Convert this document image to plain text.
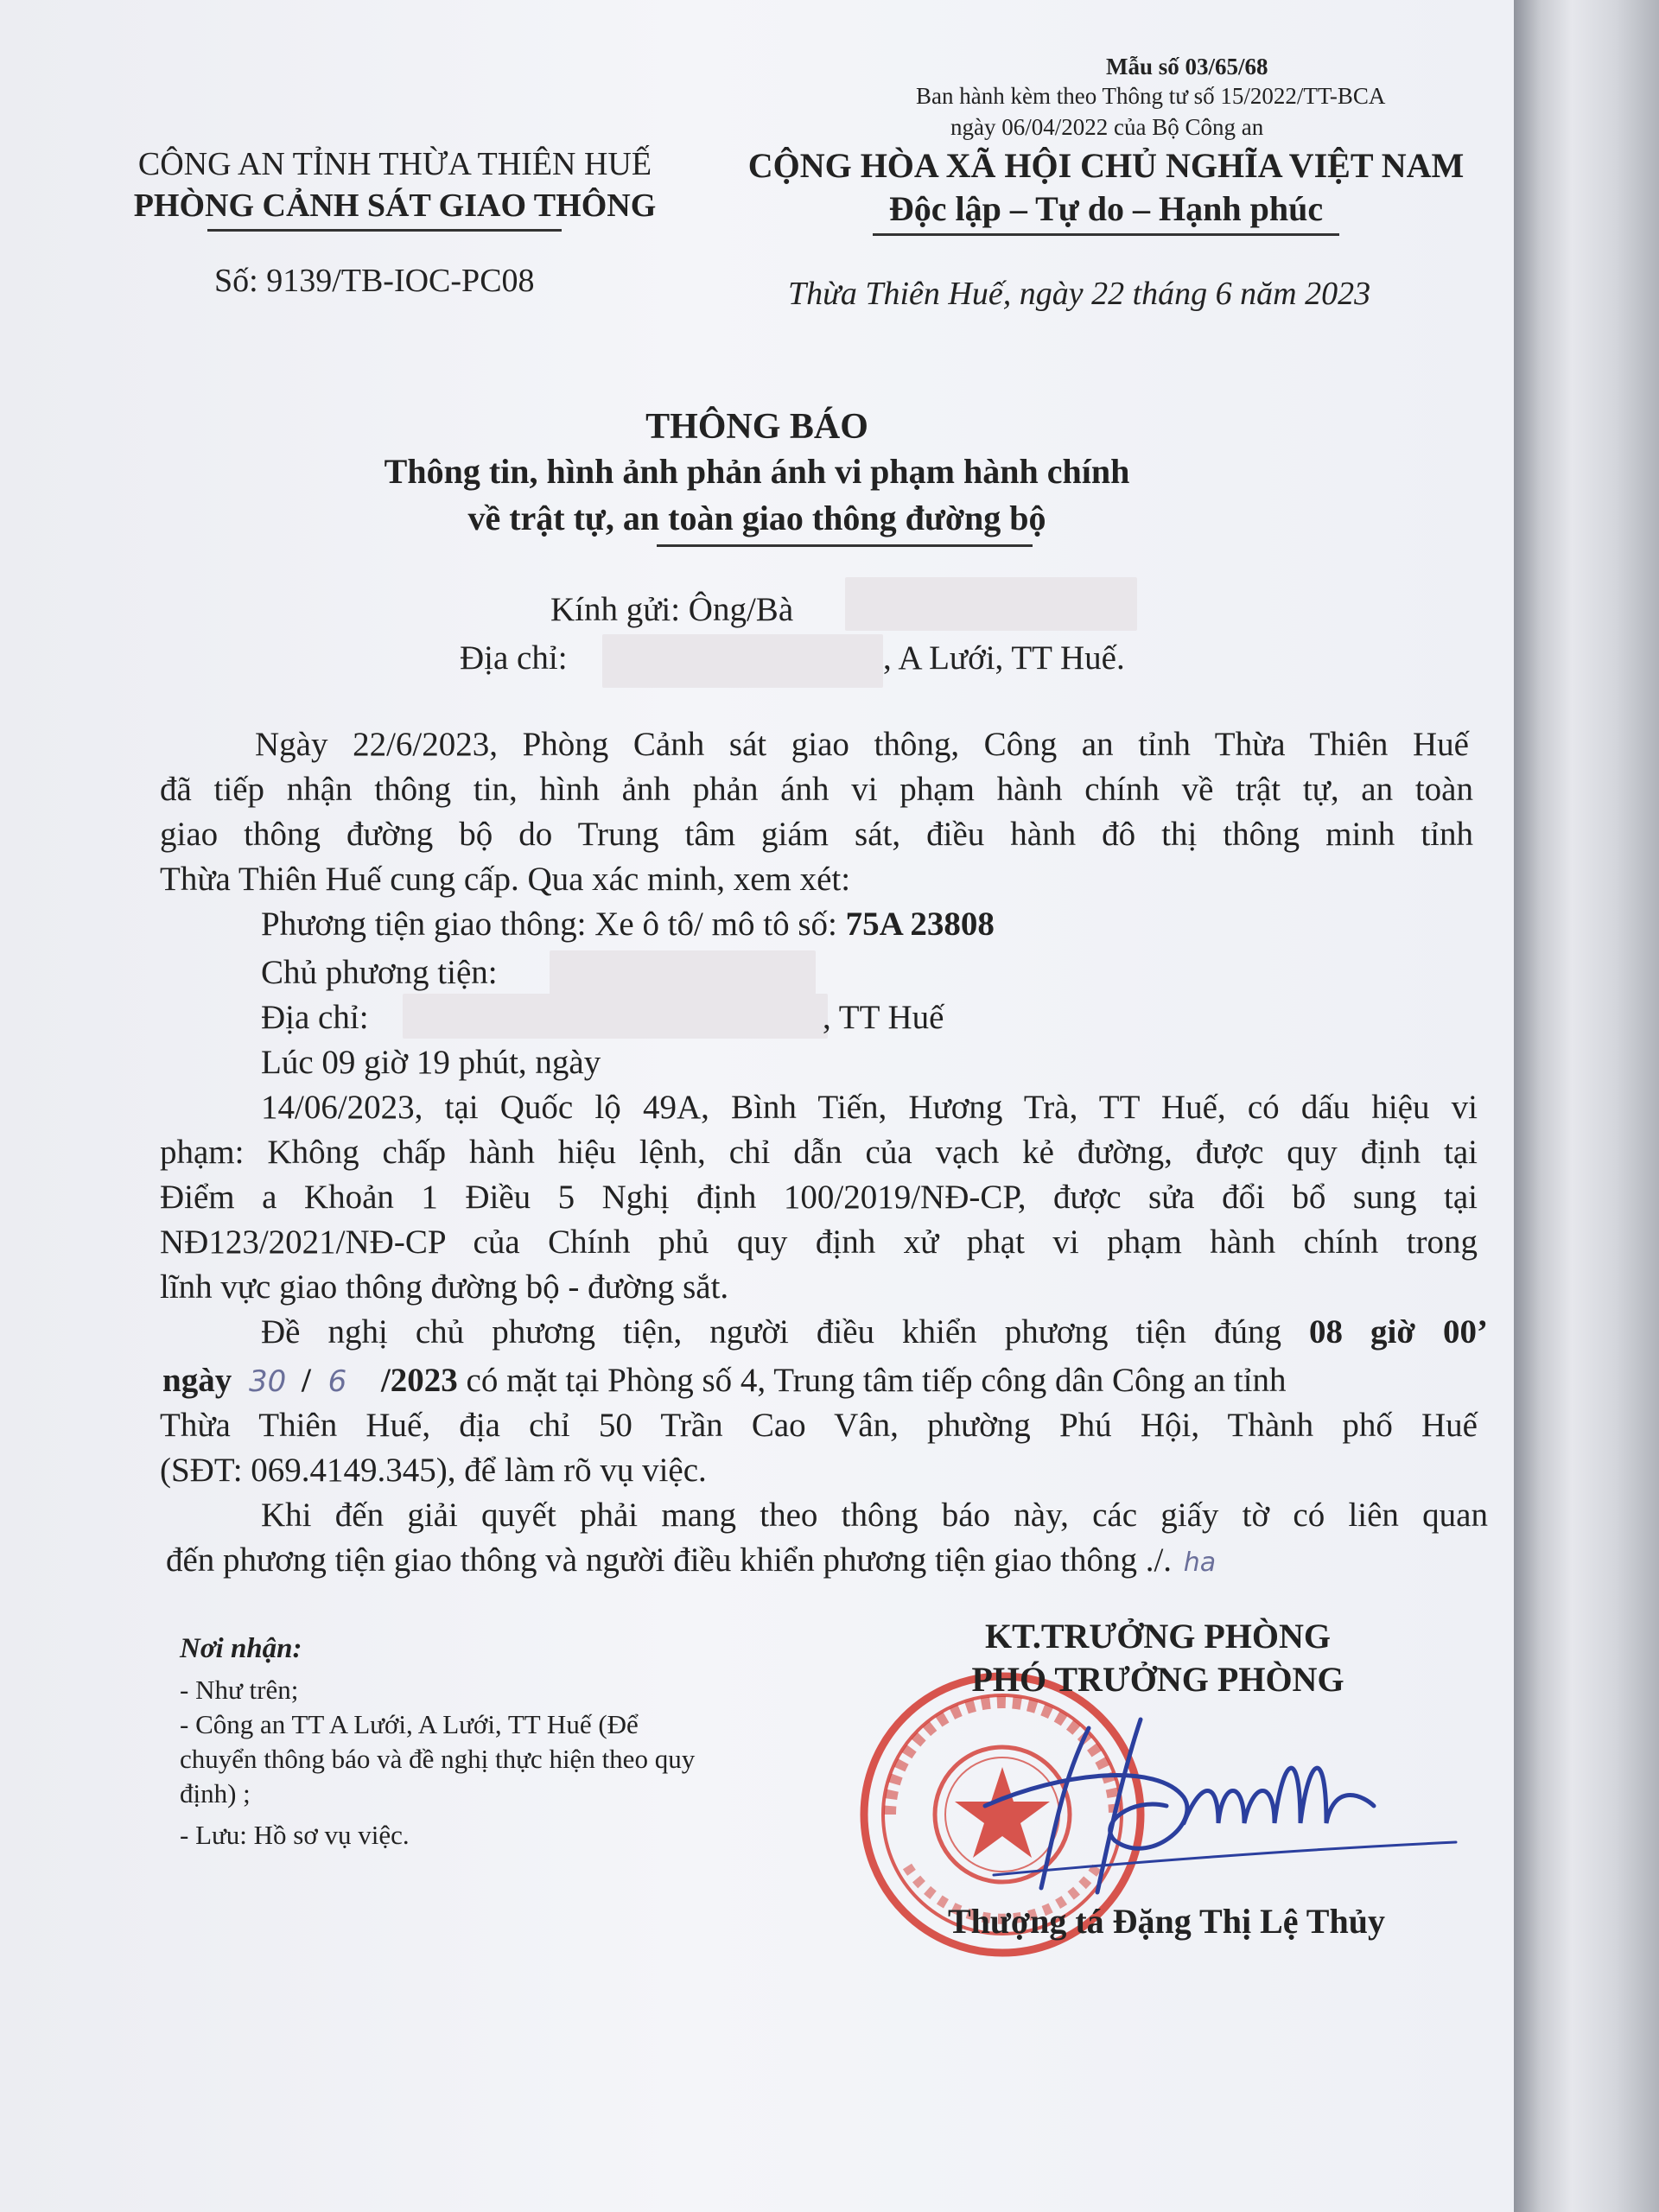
Mẫu số 03/65/68
Ban hành kèm theo Thông tư số 15/2022/TT-BCA
ngày 06/04/2022 của Bộ Công an
CÔNG AN TỈNH THỪA THIÊN HUẾ
PHÒNG CẢNH SÁT GIAO THÔNG
Số: 9139/TB-IOC-PC08
CỘNG HÒA XÃ HỘI CHỦ NGHĨA VIỆT NAM
Độc lập – Tự do – Hạnh phúc
Thừa Thiên Huế, ngày 22 tháng 6 năm 2023
THÔNG BÁO
Thông tin, hình ảnh phản ánh vi phạm hành chính
về trật tự, an toàn giao thông đường bộ
Kính gửi: Ông/Bà
Địa chỉ:	, A Lưới, TT Huế.
Ngày 22/6/2023, Phòng Cảnh sát giao thông, Công an tỉnh Thừa Thiên Huế
đã tiếp nhận thông tin, hình ảnh phản ánh vi phạm hành chính về trật tự, an toàn
giao thông đường bộ do Trung tâm giám sát, điều hành đô thị thông minh tỉnh
Thừa Thiên Huế cung cấp. Qua xác minh, xem xét:
Phương tiện giao thông: Xe ô tô/ mô tô số: 75A 23808
Chủ phương tiện:
Địa chỉ:	, TT Huế
Lúc 09 giờ 19 phút, ngày
14/06/2023, tại Quốc lộ 49A, Bình Tiến, Hương Trà, TT Huế, có dấu hiệu vi
phạm: Không chấp hành hiệu lệnh, chỉ dẫn của vạch kẻ đường, được quy định tại
Điểm a Khoản 1 Điều 5 Nghị định 100/2019/NĐ-CP, được sửa đổi bổ sung tại
NĐ123/2021/NĐ-CP của Chính phủ quy định xử phạt vi phạm hành chính trong
lĩnh vực giao thông đường bộ - đường sắt.
Đề nghị chủ phương tiện, người điều khiển phương tiện đúng 08 giờ 00’
ngày 30 / 6 /2023 có mặt tại Phòng số 4, Trung tâm tiếp công dân Công an tỉnh
Thừa Thiên Huế, địa chỉ 50 Trần Cao Vân, phường Phú Hội, Thành phố Huế
(SĐT: 069.4149.345), để làm rõ vụ việc.
Khi đến giải quyết phải mang theo thông báo này, các giấy tờ có liên quan
đến phương tiện giao thông và người điều khiển phương tiện giao thông ./. ha
Nơi nhận:
- Như trên;
- Công an TT A Lưới, A Lưới, TT Huế (Để
chuyển thông báo và đề nghị thực hiện theo quy
định) ;
- Lưu: Hồ sơ vụ việc.
KT.TRƯỞNG PHÒNG
PHÓ TRƯỞNG PHÒNG
Thượng tá Đặng Thị Lệ Thủy
